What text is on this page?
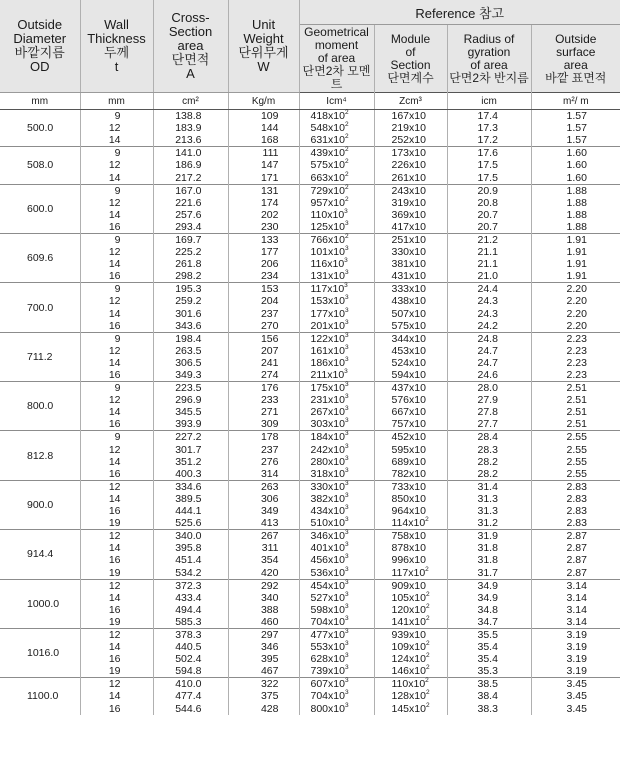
Outside
Diameter
바깥지름
OD	Wall
Thickness
두께
t	Cross-
Section
area
단면적
A	Unit
Weight
단위무게
W	Reference 참고			

				Geometrical
moment
of area
단면2차 모멘트	Module
of
Section
단면계수	Radius of
gyration
of area
단면2차 반지름	Outside
surface
area
바깥 표면적

mm	mm	cm²	Kg/m	Icm⁴	Zcm³	icm	m²/ m
500.0	9	138.8	109	$418x10^2$	167x10	17.4	1.57
	12	183.9	144	$548x10^2$	219x10	17.3	1.57
	14	213.6	168	$631x10^2$	252x10	17.2	1.57
508.0	9	141.0	111	$439x10^2$	173x10	17.6	1.60
	12	186.9	147	$575x10^2$	226x10	17.5	1.60
	14	217.2	171	$663x10^2$	261x10	17.5	1.60
600.0	9	167.0	131	$729x10^2$	243x10	20.9	1.88
	12	221.6	174	$957x10^2$	319x10	20.8	1.88
	14	257.6	202	$110x10^3$	369x10	20.7	1.88
	16	293.4	230	$125x10^3$	417x10	20.7	1.88
609.6	9	169.7	133	$766x10^2$	251x10	21.2	1.91
	12	225.2	177	$101x10^3$	330x10	21.1	1.91
	14	261.8	206	$116x10^3$	381x10	21.1	1.91
	16	298.2	234	$131x10^3$	431x10	21.0	1.91
700.0	9	195.3	153	$117x10^3$	333x10	24.4	2.20
	12	259.2	204	$153x10^3$	438x10	24.3	2.20
	14	301.6	237	$177x10^3$	507x10	24.3	2.20
	16	343.6	270	$201x10^3$	575x10	24.2	2.20
711.2	9	198.4	156	$122x10^3$	344x10	24.8	2.23
	12	263.5	207	$161x10^3$	453x10	24.7	2.23
	14	306.5	241	$186x10^3$	524x10	24.7	2.23
	16	349.3	274	$211x10^3$	594x10	24.6	2.23
800.0	9	223.5	176	$175x10^3$	437x10	28.0	2.51
	12	296.9	233	$231x10^3$	576x10	27.9	2.51
	14	345.5	271	$267x10^3$	667x10	27.8	2.51
	16	393.9	309	$303x10^3$	757x10	27.7	2.51
812.8	9	227.2	178	$184x10^3$	452x10	28.4	2.55
	12	301.7	237	$242x10^3$	595x10	28.3	2.55
	14	351.2	276	$280x10^3$	689x10	28.2	2.55
	16	400.3	314	$318x10^3$	782x10	28.2	2.55
900.0	12	334.6	263	$330x10^3$	733x10	31.4	2.83
	14	389.5	306	$382x10^3$	850x10	31.3	2.83
	16	444.1	349	$434x10^3$	964x10	31.3	2.83
	19	525.6	413	$510x10^3$	$114x10^2$	31.2	2.83
914.4	12	340.0	267	$346x10^3$	758x10	31.9	2.87
	14	395.8	311	$401x10^3$	878x10	31.8	2.87
	16	451.4	354	$456x10^3$	996x10	31.8	2.87
	19	534.2	420	$536x10^3$	$117x10^2$	31.7	2.87
1000.0	12	372.3	292	$454x10^3$	909x10	34.9	3.14
	14	433.4	340	$527x10^3$	$105x10^2$	34.9	3.14
	16	494.4	388	$598x10^3$	$120x10^2$	34.8	3.14
	19	585.3	460	$704x10^3$	$141x10^2$	34.7	3.14
1016.0	12	378.3	297	$477x10^3$	939x10	35.5	3.19
	14	440.5	346	$553x10^3$	$109x10^2$	35.4	3.19
	16	502.4	395	$628x10^3$	$124x10^2$	35.4	3.19
	19	594.8	467	$739x10^3$	$146x10^2$	35.3	3.19
1100.0	12	410.0	322	$607x10^3$	$110x10^2$	38.5	3.45
	14	477.4	375	$704x10^3$	$128x10^2$	38.4	3.45
	16	544.6	428	$800x10^3$	$145x10^2$	38.3	3.45
